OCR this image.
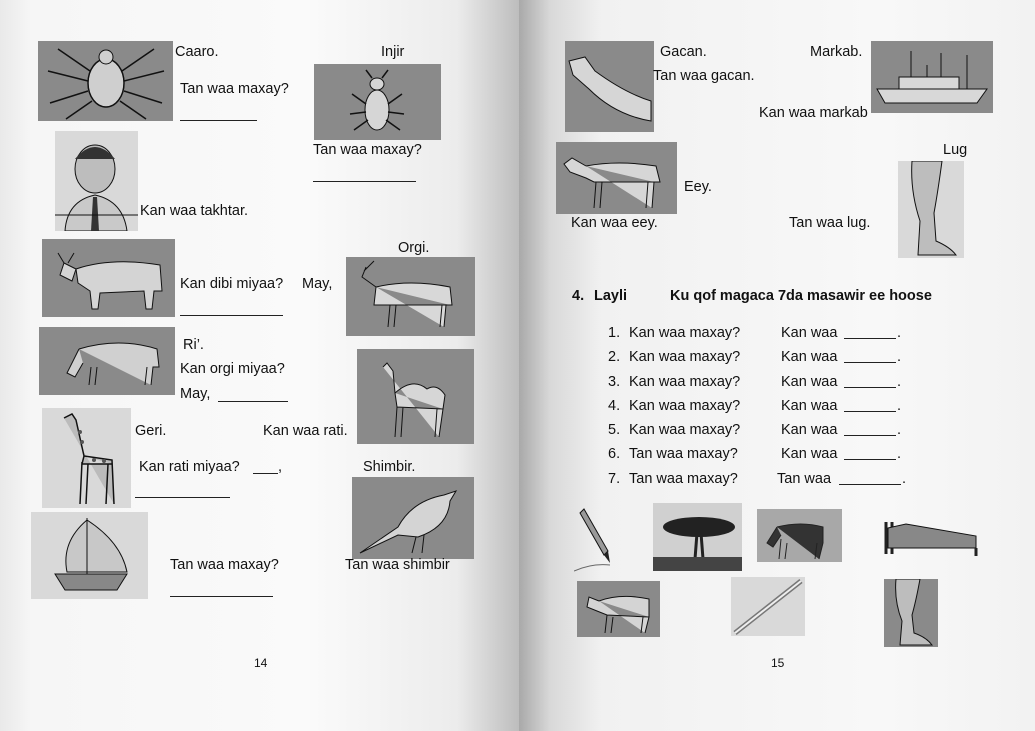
Caaro.	Injir
Tan waa maxay?
Tan waa maxay?
Kan waa takhtar.
Orgi.
Kan dibi miyaa? May,
Ri’.
Kan orgi miyaa?
May,
Geri.	Kan waa rati.
Kan rati miyaa?	,	Shimbir.
Tan waa maxay?	Tan waa shimbir
14
Gacan.	Markab.
Tan waa gacan.
Kan waa markab
Lug
Eey.
Kan waa eey.	Tan waa lug.
4. Layli	Ku qof magaca 7da masawir ee hoose
1. Kan waa maxay?	Kan waa	.
2. Kan waa maxay?	Kan waa	.
3. Kan waa maxay?	Kan waa	.
4. Kan waa maxay?	Kan waa	.
5. Kan waa maxay?	Kan waa	.
6. Tan waa maxay?	Kan waa	.
7. Tan waa maxay?	Tan waa	.
15
